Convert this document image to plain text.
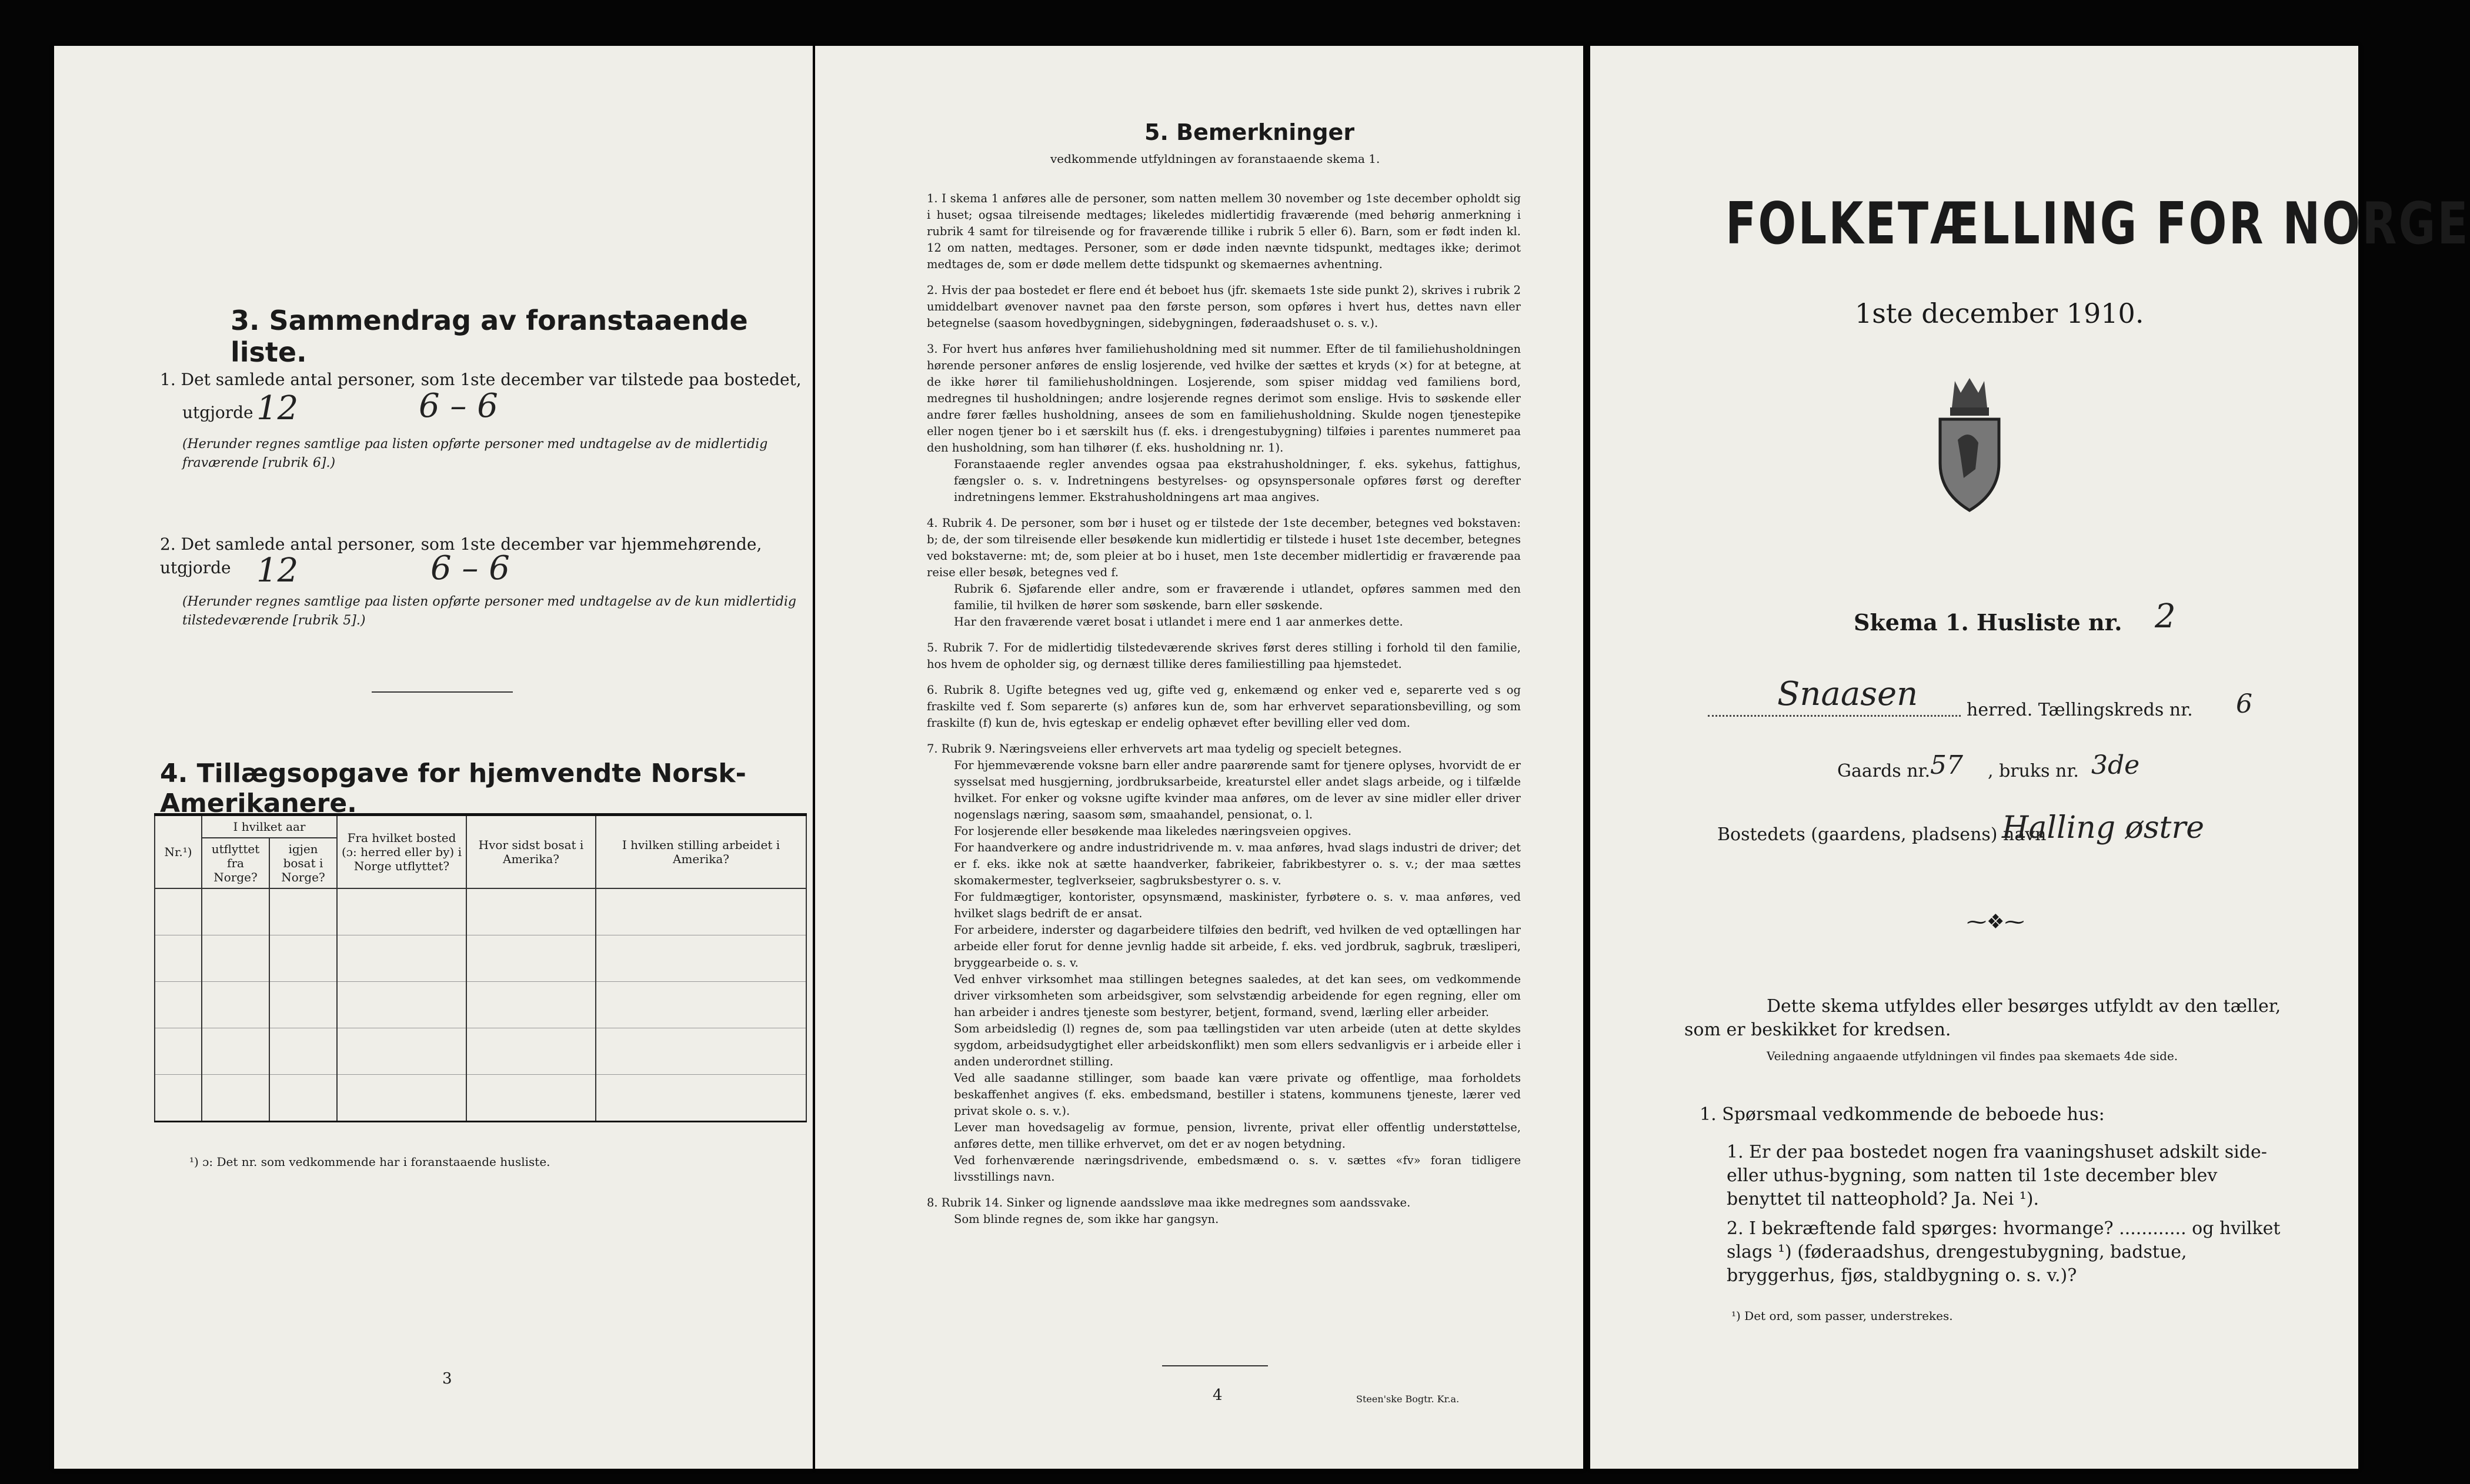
3. Sammendrag av foranstaaende liste.
1. Det samlede antal personer, som 1ste december var tilstede paa bostedet,
utgjorde 12	6 – 6
(Herunder regnes samtlige paa listen opførte personer med undtagelse av de midlertidig fraværende [rubrik 6].)
2. Det samlede antal personer, som 1ste december var hjemmehørende, utgjorde 12	6 – 6
(Herunder regnes samtlige paa listen opførte personer med undtagelse av de kun midlertidig tilstedeværende [rubrik 5].)
4. Tillægsopgave for hjemvendte Norsk-Amerikanere.
Nr.¹)	I hvilket aar		Fra hvilket bosted (ɔ: herred eller by) i Norge utflyttet?	Hvor sidst bosat i Amerika?	I hvilken stilling arbeidet i Amerika?
	utflyttet fra Norge?	igjen bosat i Norge?			

¹) ɔ: Det nr. som vedkommende har i foranstaaende husliste.
3
5. Bemerkninger
vedkommende utfyldningen av foranstaaende skema 1.

1. I skema 1 anføres alle de personer, som natten mellem 30 november og 1ste december opholdt sig i huset; ogsaa tilreisende medtages; likeledes midlertidig fraværende (med behørig anmerkning i rubrik 4 samt for tilreisende og for fraværende tillike i rubrik 5 eller 6). Barn, som er født inden kl. 12 om natten, medtages. Personer, som er døde inden nævnte tidspunkt, medtages ikke; derimot medtages de, som er døde mellem dette tidspunkt og skemaernes avhentning.

2. Hvis der paa bostedet er flere end ét beboet hus (jfr. skemaets 1ste side punkt 2), skrives i rubrik 2 umiddelbart øvenover navnet paa den første person, som opføres i hvert hus, dettes navn eller betegnelse (saasom hovedbygningen, sidebygningen, føderaadshuset o. s. v.).

3. For hvert hus anføres hver familiehusholdning med sit nummer. Efter de til familiehusholdningen hørende personer anføres de enslig losjerende, ved hvilke der sættes et kryds (×) for at betegne, at de ikke hører til familiehusholdningen. Losjerende, som spiser middag ved familiens bord, medregnes til husholdningen; andre losjerende regnes derimot som enslige. Hvis to søskende eller andre fører fælles husholdning, ansees de som en familiehusholdning. Skulde nogen tjenestepike eller nogen tjener bo i et særskilt hus (f. eks. i drengestubygning) tilføies i parentes nummeret paa den husholdning, som han tilhører (f. eks. husholdning nr. 1).

Foranstaaende regler anvendes ogsaa paa ekstrahusholdninger, f. eks. sykehus, fattighus, fængsler o. s. v. Indretningens bestyrelses- og opsynspersonale opføres først og derefter indretningens lemmer. Ekstrahusholdningens art maa angives.

4. Rubrik 4. De personer, som bør i huset og er tilstede der 1ste december, betegnes ved bokstaven: b; de, der som tilreisende eller besøkende kun midlertidig er tilstede i huset 1ste december, betegnes ved bokstaverne: mt; de, som pleier at bo i huset, men 1ste december midlertidig er fraværende paa reise eller besøk, betegnes ved f.

Rubrik 6. Sjøfarende eller andre, som er fraværende i utlandet, opføres sammen med den familie, til hvilken de hører som søskende, barn eller søskende.

Har den fraværende været bosat i utlandet i mere end 1 aar anmerkes dette.

5. Rubrik 7. For de midlertidig tilstedeværende skrives først deres stilling i forhold til den familie, hos hvem de opholder sig, og dernæst tillike deres familiestilling paa hjemstedet.

6. Rubrik 8. Ugifte betegnes ved ug, gifte ved g, enkemænd og enker ved e, separerte ved s og fraskilte ved f. Som separerte (s) anføres kun de, som har erhvervet separationsbevilling, og som fraskilte (f) kun de, hvis egteskap er endelig ophævet efter bevilling eller ved dom.

7. Rubrik 9. Næringsveiens eller erhvervets art maa tydelig og specielt betegnes.

For hjemmeværende voksne barn eller andre paarørende samt for tjenere oplyses, hvorvidt de er sysselsat med husgjerning, jordbruksarbeide, kreaturstel eller andet slags arbeide, og i tilfælde hvilket. For enker og voksne ugifte kvinder maa anføres, om de lever av sine midler eller driver nogenslags næring, saasom søm, smaahandel, pensionat, o. l.

For losjerende eller besøkende maa likeledes næringsveien opgives.

For haandverkere og andre industridrivende m. v. maa anføres, hvad slags industri de driver; det er f. eks. ikke nok at sætte haandverker, fabrikeier, fabrikbestyrer o. s. v.; der maa sættes skomakermester, teglverkseier, sagbruksbestyrer o. s. v.

For fuldmægtiger, kontorister, opsynsmænd, maskinister, fyrbøtere o. s. v. maa anføres, ved hvilket slags bedrift de er ansat.

For arbeidere, inderster og dagarbeidere tilføies den bedrift, ved hvilken de ved optællingen har arbeide eller forut for denne jevnlig hadde sit arbeide, f. eks. ved jordbruk, sagbruk, træsliperi, bryggearbeide o. s. v.

Ved enhver virksomhet maa stillingen betegnes saaledes, at det kan sees, om vedkommende driver virksomheten som arbeidsgiver, som selvstændig arbeidende for egen regning, eller om han arbeider i andres tjeneste som bestyrer, betjent, formand, svend, lærling eller arbeider.

Som arbeidsledig (l) regnes de, som paa tællingstiden var uten arbeide (uten at dette skyldes sygdom, arbeidsudygtighet eller arbeidskonflikt) men som ellers sedvanligvis er i arbeide eller i anden underordnet stilling.

Ved alle saadanne stillinger, som baade kan være private og offentlige, maa forholdets beskaffenhet angives (f. eks. embedsmand, bestiller i statens, kommunens tjeneste, lærer ved privat skole o. s. v.).

Lever man hovedsagelig av formue, pension, livrente, privat eller offentlig understøttelse, anføres dette, men tillike erhvervet, om det er av nogen betydning.

Ved forhenværende næringsdrivende, embedsmænd o. s. v. sættes «fv» foran tidligere livsstillings navn.

8. Rubrik 14. Sinker og lignende aandssløve maa ikke medregnes som aandssvake.

Som blinde regnes de, som ikke har gangsyn.

4	Steen'ske Bogtr. Kr.a.
FOLKETÆLLING FOR NORGE
1ste december 1910.
Skema 1. Husliste nr. 2
Snaasen	herred. Tællingskreds nr. 6
Gaards nr. 57 , bruks nr. 3de
Bostedets (gaardens, pladsens) navn
Halling østre
⁓❖⁓
Dette skema utfyldes eller besørges utfyldt av den tæller, som er beskikket for kredsen.
Veiledning angaaende utfyldningen vil findes paa skemaets 4de side.
1. Spørsmaal vedkommende de beboede hus:
1. Er der paa bostedet nogen fra vaaningshuset adskilt side- eller uthus-bygning, som natten til 1ste december blev benyttet til natteophold? Ja. Nei ¹).
2. I bekræftende fald spørges: hvormange? ............ og hvilket slags ¹) (føderaadshus, drengestubygning, badstue, bryggerhus, fjøs, staldbygning o. s. v.)?
¹) Det ord, som passer, understrekes.
